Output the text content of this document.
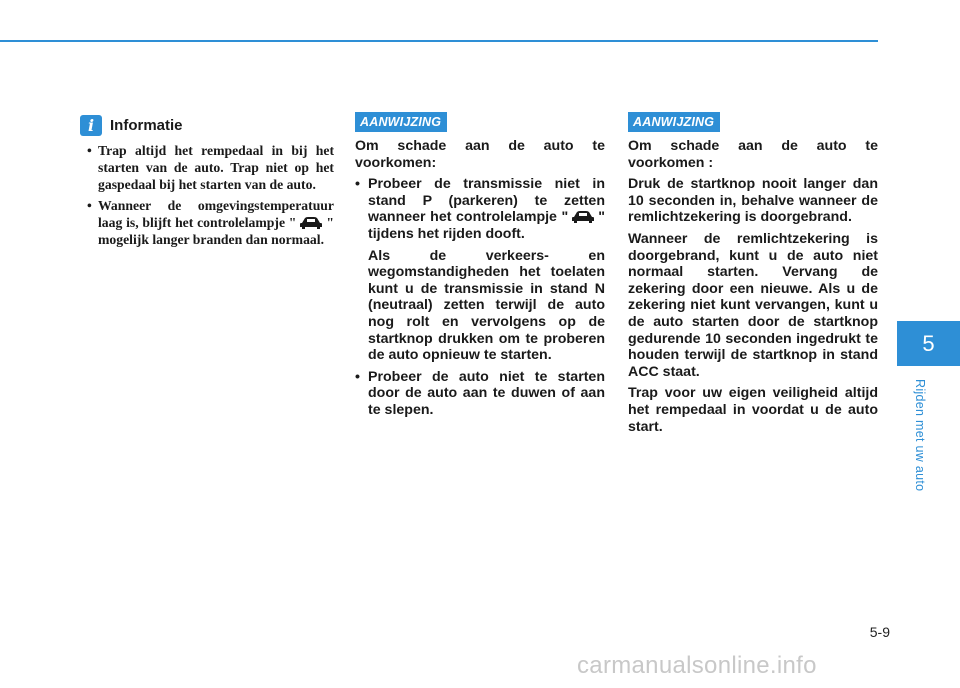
i	Informatie
• Trap altijd het rempedaal in bij het starten van de auto. Trap niet op het gaspedaal bij het starten van de auto.
• Wanneer de omgevingstemperatuur laag is, blijft het controlelampje " " mogelijk langer branden dan normaal.
AANWIJZING

Om schade aan de auto te voorkomen:

• Probeer de transmissie niet in stand P (parkeren) te zetten wanneer het controlelampje " " tijdens het rijden dooft.

Als de verkeers- en wegomstandigheden het toelaten kunt u de transmissie in stand N (neutraal) zetten terwijl de auto nog rolt en vervolgens op de startknop drukken om te proberen de auto opnieuw te starten.

• Probeer de auto niet te starten door de auto aan te duwen of aan te slepen.

AANWIJZING

Om schade aan de auto te voorkomen :

Druk de startknop nooit langer dan 10 seconden in, behalve wanneer de remlichtzekering is doorgebrand.

Wanneer de remlichtzekering is doorgebrand, kunt u de auto niet normaal starten. Vervang de zekering door een nieuwe. Als u de zekering niet kunt vervangen, kunt u de auto starten door de startknop gedurende 10 seconden ingedrukt te houden terwijl de startknop in stand ACC staat.

Trap voor uw eigen veiligheid altijd het rempedaal in voordat u de auto start.

5
Rijden met uw auto
5-9
carmanualsonline.info
